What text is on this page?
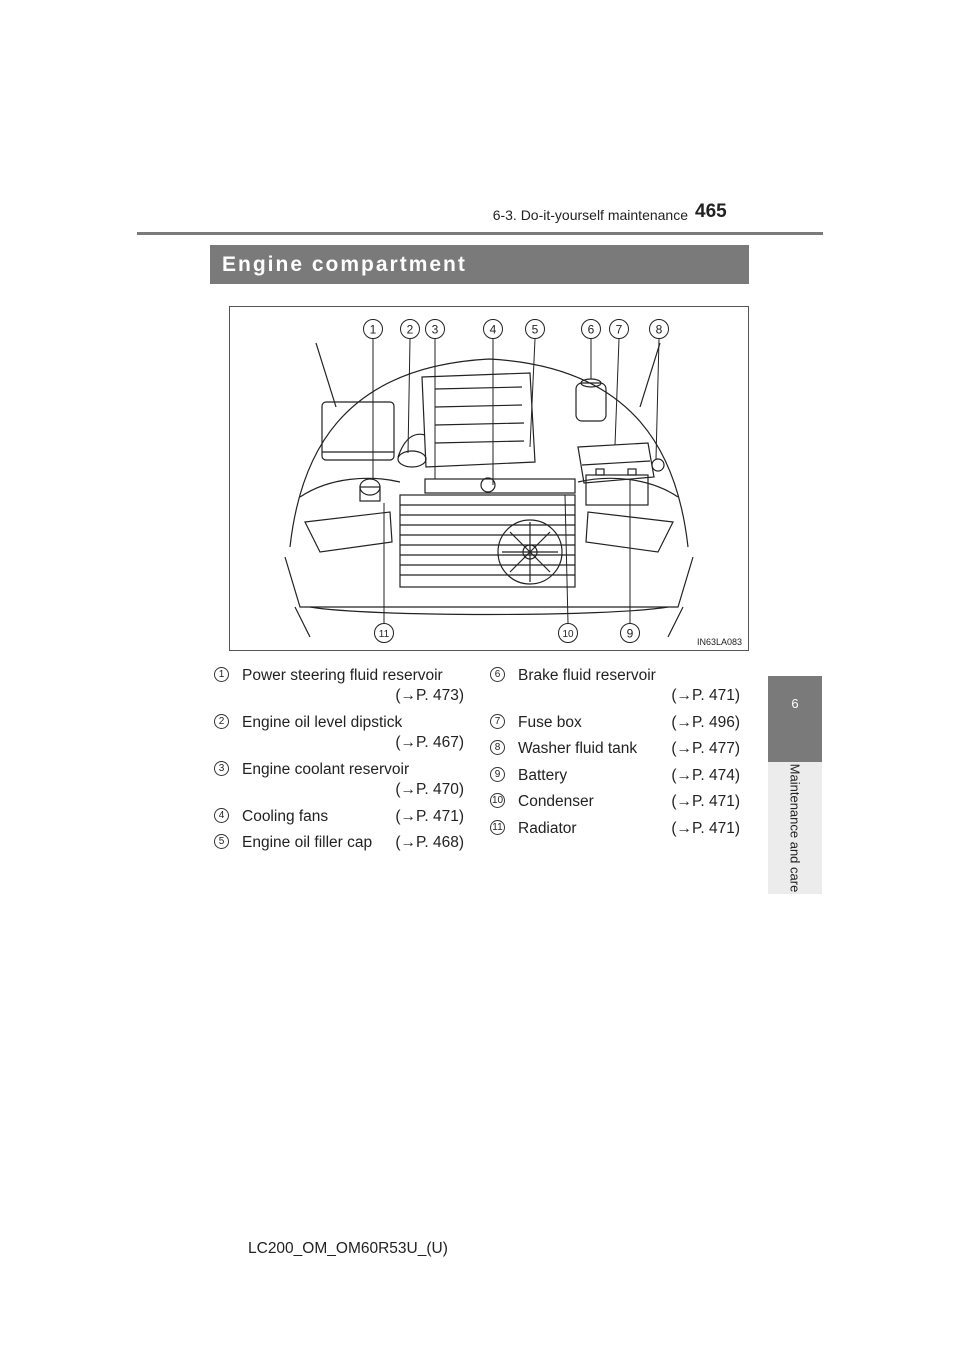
6-3. Do-it-yourself maintenance 465
6
Maintenance and care
Engine compartment
1	2 3	4	5	6 7	8
9
10
11
IN63LA083
1	Power steering fluid reservoir
(→P. 473)
2	Engine oil level dipstick
(→P. 467)
3	Engine coolant reservoir
(→P. 470)
4	Cooling fans	(→P. 471)
5	Engine oil filler cap	(→P. 468)
6	Brake fluid reservoir
(→P. 471)
7	Fuse box	(→P. 496)
8	Washer fluid tank	(→P. 477)
9	Battery	(→P. 474)
10 Condenser	(→P. 471)
11 Radiator	(→P. 471)
LC200_OM_OM60R53U_(U)
